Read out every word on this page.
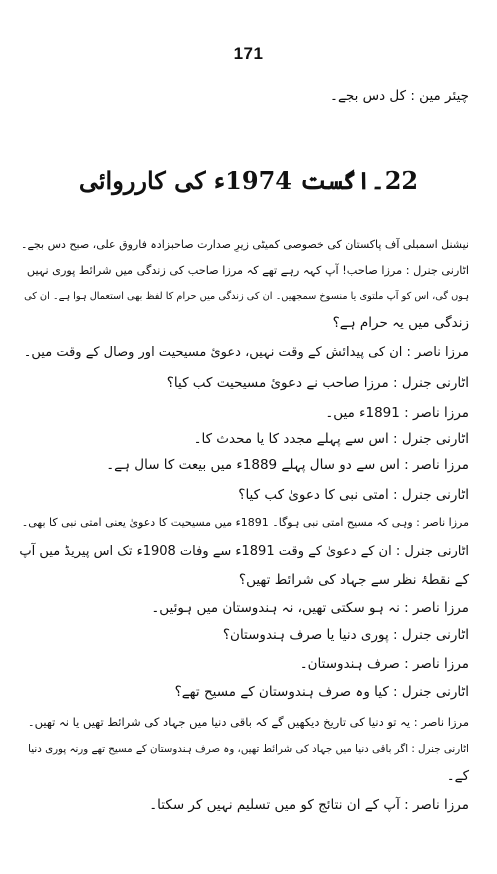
171
چیئر مین : کل دس بجے۔
22۔اگست 1974ء کی کارروائی
نیشنل اسمبلی آف پاکستان کی خصوصی کمیٹی زیرِ صدارت صاحبزادہ فاروق علی، صبح دس بجے۔
اٹارنی جنرل : مرزا صاحب! آپ کہہ رہے تھے کہ مرزا صاحب کی زندگی میں شرائط پوری نہیں
ہوں گی، اس کو آپ ملتوی یا منسوخ سمجھیں۔ ان کی زندگی میں حرام کا لفظ بھی استعمال ہوا ہے۔ ان کی
زندگی میں یہ حرام ہے؟
مرزا ناصر : ان کی پیدائش کے وقت نہیں، دعویٔ مسیحیت اور وصال کے وقت میں۔
اٹارنی جنرل : مرزا صاحب نے دعویٔ مسیحیت کب کیا؟
مرزا ناصر : 1891ء میں۔
اٹارنی جنرل : اس سے پہلے مجدد کا یا محدث کا۔
مرزا ناصر : اس سے دو سال پہلے 1889ء میں بیعت کا سال ہے۔
اٹارنی جنرل : امتی نبی کا دعویٰ کب کیا؟
مرزا ناصر : وہی کہ مسیح امتی نبی ہوگا۔ 1891ء میں مسیحیت کا دعویٰ یعنی امتی نبی کا بھی۔
اٹارنی جنرل : ان کے دعویٰ کے وقت 1891ء سے وفات 1908ء تک اس پیریڈ میں آپ
کے نقطۂ نظر سے جہاد کی شرائط تھیں؟
مرزا ناصر : نہ ہو سکتی تھیں، نہ ہندوستان میں ہوئیں۔
اٹارنی جنرل : پوری دنیا یا صرف ہندوستان؟
مرزا ناصر : صرف ہندوستان۔
اٹارنی جنرل : کیا وہ صرف ہندوستان کے مسیح تھے؟
مرزا ناصر : یہ تو دنیا کی تاریخ دیکھیں گے کہ باقی دنیا میں جہاد کی شرائط تھیں یا نہ تھیں۔
اٹارنی جنرل : اگر باقی دنیا میں جہاد کی شرائط تھیں، وہ صرف ہندوستان کے مسیح تھے ورنہ پوری دنیا
کے۔
مرزا ناصر : آپ کے ان نتائج کو میں تسلیم نہیں کر سکتا۔
